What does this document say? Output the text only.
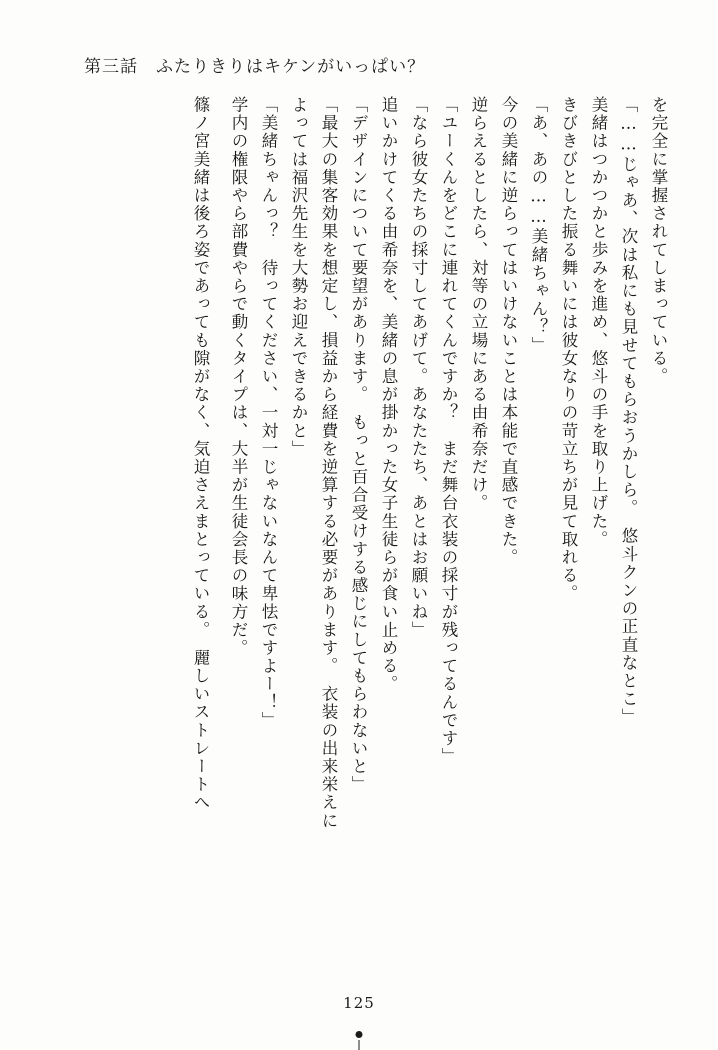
第三話 ふたりきりはキケンがいっぱい？
を完全に掌握されてしまっている。
「……じゃあ、次は私にも見せてもらおうかしら。　悠斗クンの正直なとこ」
美緒はつかつかと歩みを進め、悠斗の手を取り上げた。
きびきびとした振る舞いには彼女なりの苛立ちが見て取れる。
「あ、あの……美緒ちゃん？」
今の美緒に逆らってはいけないことは本能で直感できた。
逆らえるとしたら、対等の立場にある由希奈だけ。
「ユーくんをどこに連れてくんですか？　まだ舞台衣装の採寸が残ってるんです」
「なら彼女たちの採寸してあげて。あなたたち、あとはお願いね」
追いかけてくる由希奈を、美緒の息が掛かった女子生徒らが食い止める。
「デザインについて要望があります。　もっと百合受けする感じにしてもらわないと」
「最大の集客効果を想定し、損益から経費を逆算する必要があります。　衣装の出来栄えに
よっては福沢先生を大勢お迎えできるかと」
「美緒ちゃんっ？　待ってください、一対一じゃないなんて卑怯ですよー！」
学内の権限やら部費やらで動くタイプは、大半が生徒会長の味方だ。
篠ノ宮美緒は後ろ姿であっても隙がなく、気迫さえまとっている。　麗しいストレートへ
125
